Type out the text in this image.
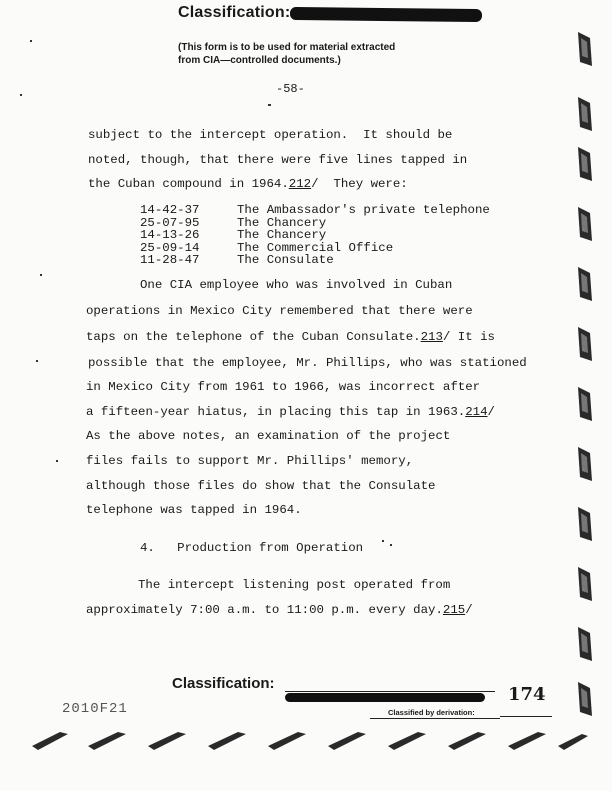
Classification:
(This form is to be used for material extracted
from CIA—controlled documents.)
-58-
subject to the intercept operation.  It should be
noted, though, that there were five lines tapped in
the Cuban compound in 1964.212/  They were:
14-42-37	The Ambassador's private telephone
25-07-95	The Chancery
14-13-26	The Chancery
25-09-14	The Commercial Office
11-28-47	The Consulate
One CIA employee who was involved in Cuban
operations in Mexico City remembered that there were
taps on the telephone of the Cuban Consulate.213/ It is
possible that the employee, Mr. Phillips, who was stationed
in Mexico City from 1961 to 1966, was incorrect after
a fifteen-year hiatus, in placing this tap in 1963.214/
As the above notes, an examination of the project
files fails to support Mr. Phillips' memory,
although those files do show that the Consulate
telephone was tapped in 1964.
4.   Production from Operation
The intercept listening post operated from
approximately 7:00 a.m. to 11:00 p.m. every day.215/
Classification:
174
Classified by derivation:
2010F21
